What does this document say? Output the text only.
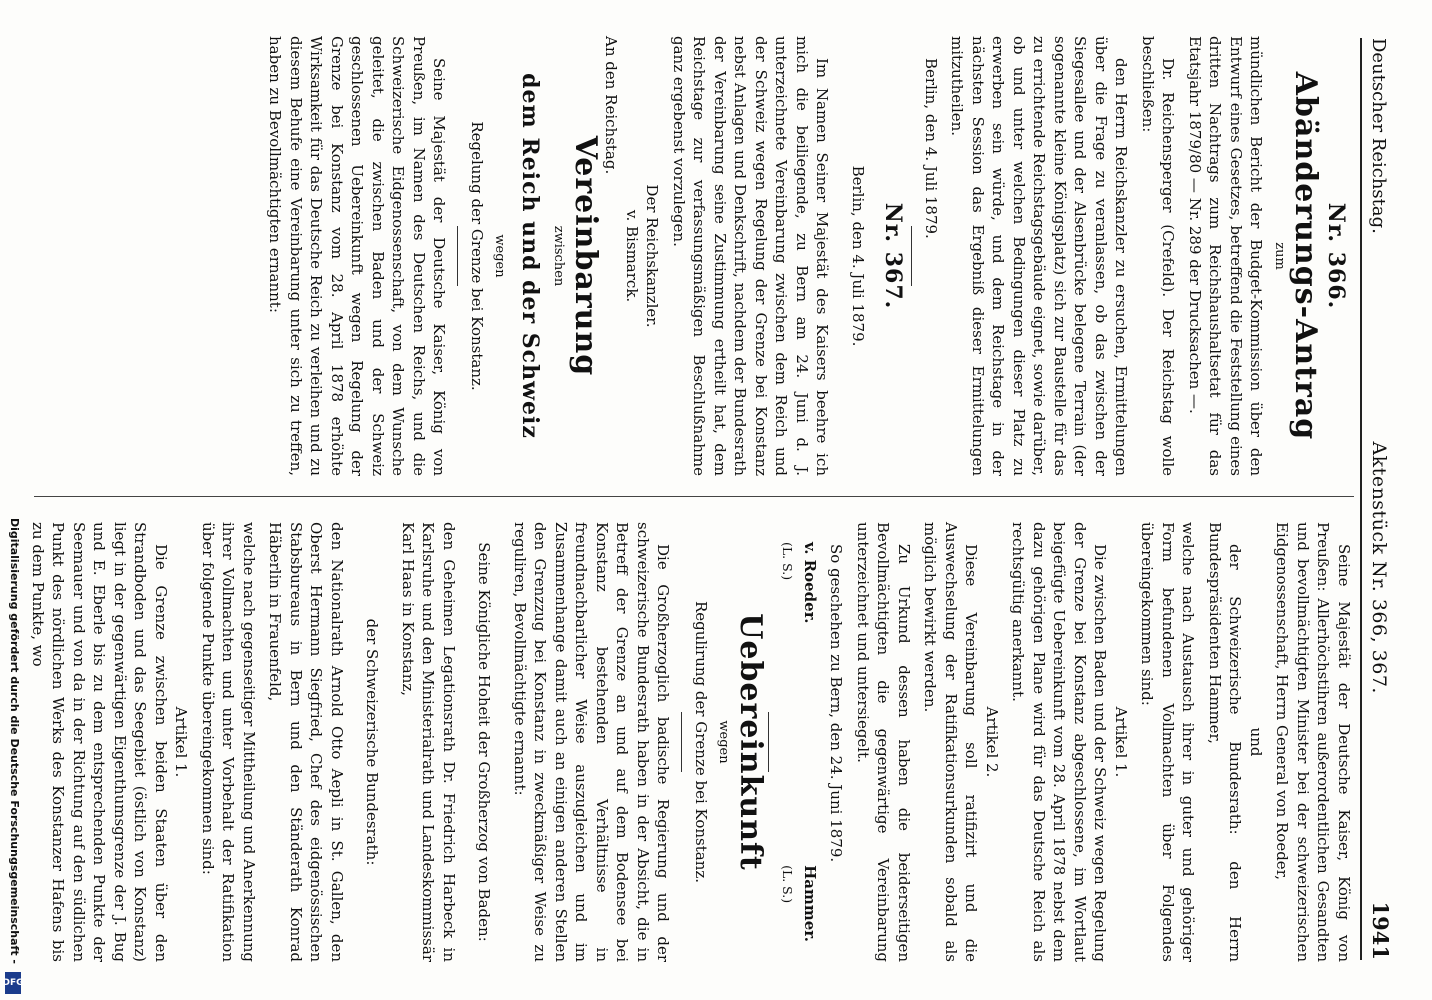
Deutscher Reichstag.
Aktenstück Nr. 366, 367.
1941
Nr. 366.
Abänderungs-Antrag
zum

mündlichen Bericht der Budget-Kommission über den Entwurf eines Gesetzes, betreffend die Feststellung eines dritten Nachtrags zum Reichshaushaltsetat für das Etatsjahr 1879/80 — Nr. 289 der Drucksachen —.

Dr. Reichensperger (Crefeld). Der Reichstag wolle beschließen:

den Herrn Reichskanzler zu ersuchen, Ermittelungen über die Frage zu veranlassen, ob das zwischen der Siegesallee und der Alsenbrücke belegene Terrain (der sogenannte kleine Königsplatz) sich zur Baustelle für das zu errichtende Reichstagsgebäude eignet, sowie darüber, ob und unter welchen Bedingungen dieser Platz zu erwerben sein würde, und dem Reichstage in der nächsten Session das Ergebniß dieser Ermittelungen mitzutheilen.

Berlin, den 4. Juli 1879.

Nr. 367.

Berlin, den 4. Juli 1879.

Im Namen Seiner Majestät des Kaisers beehre ich mich die beiliegende, zu Bern am 24. Juni d. J. unterzeichnete Vereinbarung zwischen dem Reich und der Schweiz wegen Regelung der Grenze bei Konstanz nebst Anlagen und Denkschrift, nachdem der Bundesrath der Vereinbarung seine Zustimmung ertheilt hat, dem Reichstage zur verfassungsmäßigen Beschlußnahme ganz ergebenst vorzulegen.

Der Reichskanzler.
v. Bismarck.

An den Reichstag.

Vereinbarung
zwischen
dem Reich und der Schweiz
wegen
Regelung der Grenze bei Konstanz.

Seine Majestät der Deutsche Kaiser, König von Preußen, im Namen des Deutschen Reichs, und die Schweizerische Eidgenossenschaft, von dem Wunsche geleitet, die zwischen Baden und der Schweiz geschlossenen Uebereinkunft wegen Regelung der Grenze bei Konstanz vom 28. April 1878 erhöhte Wirksamkeit für das Deutsche Reich zu verleihen und zu diesem Behufe eine Vereinbarung unter sich zu treffen, haben zu Bevollmächtigten ernannt:

Seine Majestät der Deutsche Kaiser, König von Preußen: Allerhöchstihren außerordentlichen Gesandten und bevollmächtigten Minister bei der schweizerischen Eidgenossenschaft, Herrn General von Roeder,

und

der Schweizerische Bundesrath: den Herrn Bundespräsidenten Hammer,

welche nach Austausch ihrer in guter und gehöriger Form befundenen Vollmachten über Folgendes übereingekommen sind:

Artikel 1.

Die zwischen Baden und der Schweiz wegen Regelung der Grenze bei Konstanz abgeschlossene, im Wortlaut beigefügte Uebereinkunft vom 28. April 1878 nebst dem dazu gehörigen Plane wird für das Deutsche Reich als rechtsgültig anerkannt.

Artikel 2.

Diese Vereinbarung soll ratifizirt und die Auswechselung der Ratifikationsurkunden sobald als möglich bewirkt werden.

Zu Urkund dessen haben die beiderseitigen Bevollmächtigten die gegenwärtige Vereinbarung unterzeichnet und untersiegelt.

So geschehen zu Bern, den 24. Juni 1879.

v. Roeder.
(L. S.)
Hammer.
(L. S.)
Uebereinkunft
wegen
Regulirung der Grenze bei Konstanz.

Die Großherzoglich badische Regierung und der schweizerische Bundesrath haben in der Absicht, die in Betreff der Grenze an und auf dem Bodensee bei Konstanz bestehenden Verhältnisse in freundnachbarlicher Weise auszugleichen und im Zusammenhange damit auch an einigen anderen Stellen den Grenzzug bei Konstanz in zweckmäßiger Weise zu reguliren, Bevollmächtigte ernannt:

Seine Königliche Hoheit der Großherzog von Baden:

den Geheimen Legationsrath Dr. Friedrich Harbeck in Karlsruhe und den Ministerialrath und Landeskommissär Karl Haas in Konstanz,

der Schweizerische Bundesrath:

den Nationalrath Arnold Otto Aepli in St. Gallen, den Oberst Hermann Siegfried, Chef des eidgenössischen Stabsbureaus in Bern und den Ständerath Konrad Häberlin in Frauenfeld,

welche nach gegenseitiger Mittheilung und Anerkennung ihrer Vollmachten und unter Vorbehalt der Ratifikation über folgende Punkte übereingekommen sind:

Artikel 1.

Die Grenze zwischen beiden Staaten über den Strandboden und das Seegebiet (östlich von Konstanz) liegt in der gegenwärtigen Eigenthumsgrenze der J. Bug und E. Eberle bis zu dem entsprechenden Punkte der Seemauer und von da in der Richtung auf den südlichen Punkt des nördlichen Werks des Konstanzer Hafens bis zu dem Punkte, wo

Digitalisierung gefördert durch die Deutsche Forschungsgemeinschaft -
DFG
